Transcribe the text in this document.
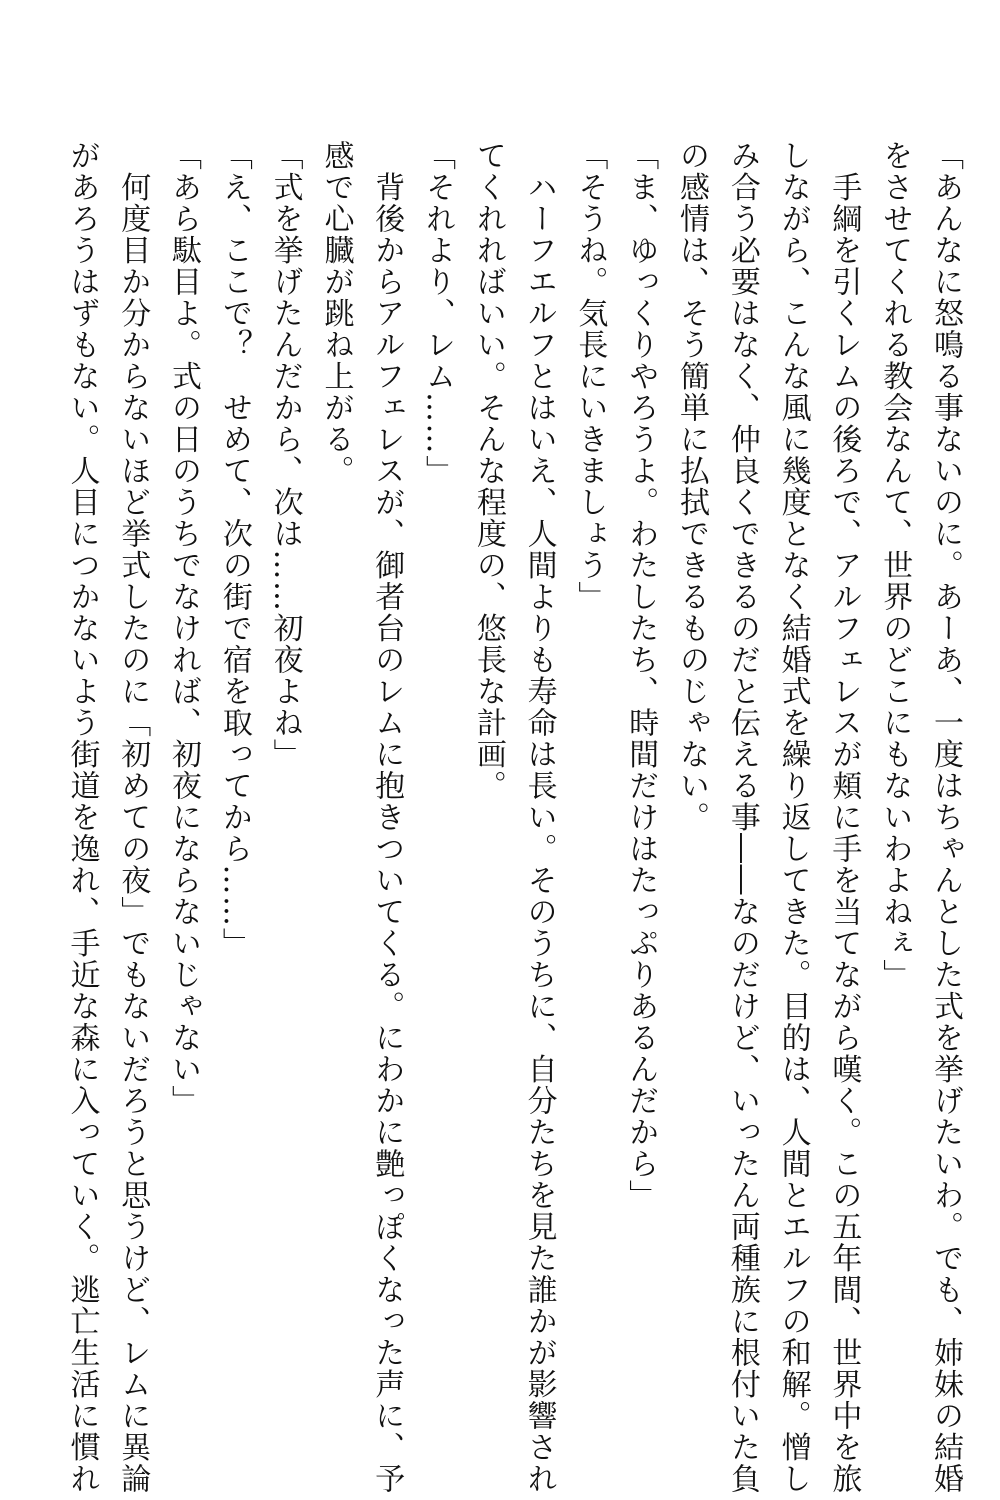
「あんなに怒鳴る事ないのに。あーあ、一度はちゃんとした式を挙げたいわ。でも、姉妹の結婚
をさせてくれる教会なんて、世界のどこにもないわよねぇ」
　手綱を引くレムの後ろで、アルフェレスが頬に手を当てながら嘆く。この五年間、世界中を旅
しながら、こんな風に幾度となく結婚式を繰り返してきた。目的は、人間とエルフの和解。憎し
み合う必要はなく、仲良くできるのだと伝える事――なのだけど、いったん両種族に根付いた負
の感情は、そう簡単に払拭できるものじゃない。
「ま、ゆっくりやろうよ。わたしたち、時間だけはたっぷりあるんだから」
「そうね。気長にいきましょう」
　ハーフエルフとはいえ、人間よりも寿命は長い。そのうちに、自分たちを見た誰かが影響され
てくれればいい。そんな程度の、悠長な計画。
「それより、レム……」
　背後からアルフェレスが、御者台のレムに抱きついてくる。にわかに艶っぽくなった声に、予
感で心臓が跳ね上がる。
「式を挙げたんだから、次は……初夜よね」
「え、ここで？　せめて、次の街で宿を取ってから……」
「あら駄目よ。式の日のうちでなければ、初夜にならないじゃない」
　何度目か分からないほど挙式したのに「初めての夜」でもないだろうと思うけど、レムに異論
があろうはずもない。人目につかないよう街道を逸れ、手近な森に入っていく。逃亡生活に慣れ
